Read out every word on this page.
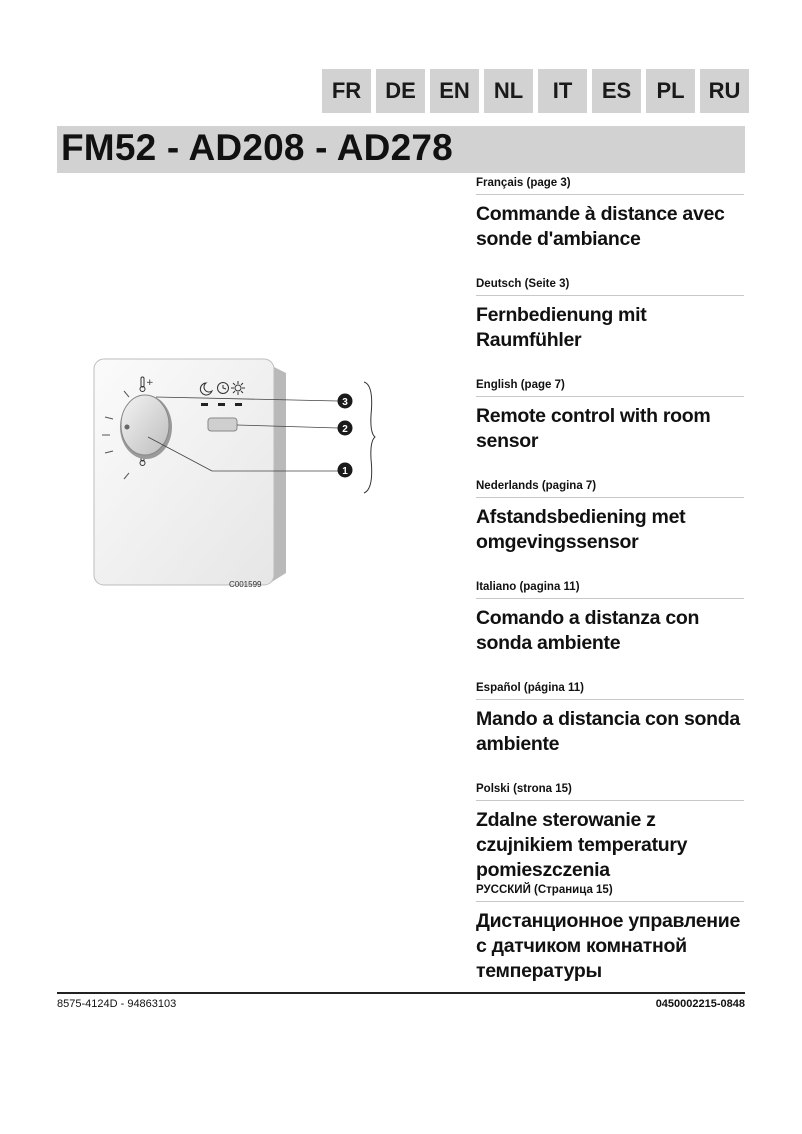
FR	DE	EN	NL	IT	ES	PL	RU
FM52 - AD208 - AD278
Français (page 3)
Commande à distance avec sonde d'ambiance
Deutsch (Seite 3)
Fernbedienung mit Raumfühler
English (page 7)
Remote control with room sensor
Nederlands (pagina 7)
Afstandsbediening met omgevingssensor
Italiano (pagina 11)
Comando a distanza con sonda ambiente
Español (página 11)
Mando a distancia con sonda ambiente
Polski (strona 15)
Zdalne sterowanie z czujnikiem temperatury pomieszczenia
РУССКИЙ (Страница 15)
Дистанционное управление с датчиком комнатной температуры
+
3
2
1
C001599
8575-4124D - 94863103	0450002215-0848
